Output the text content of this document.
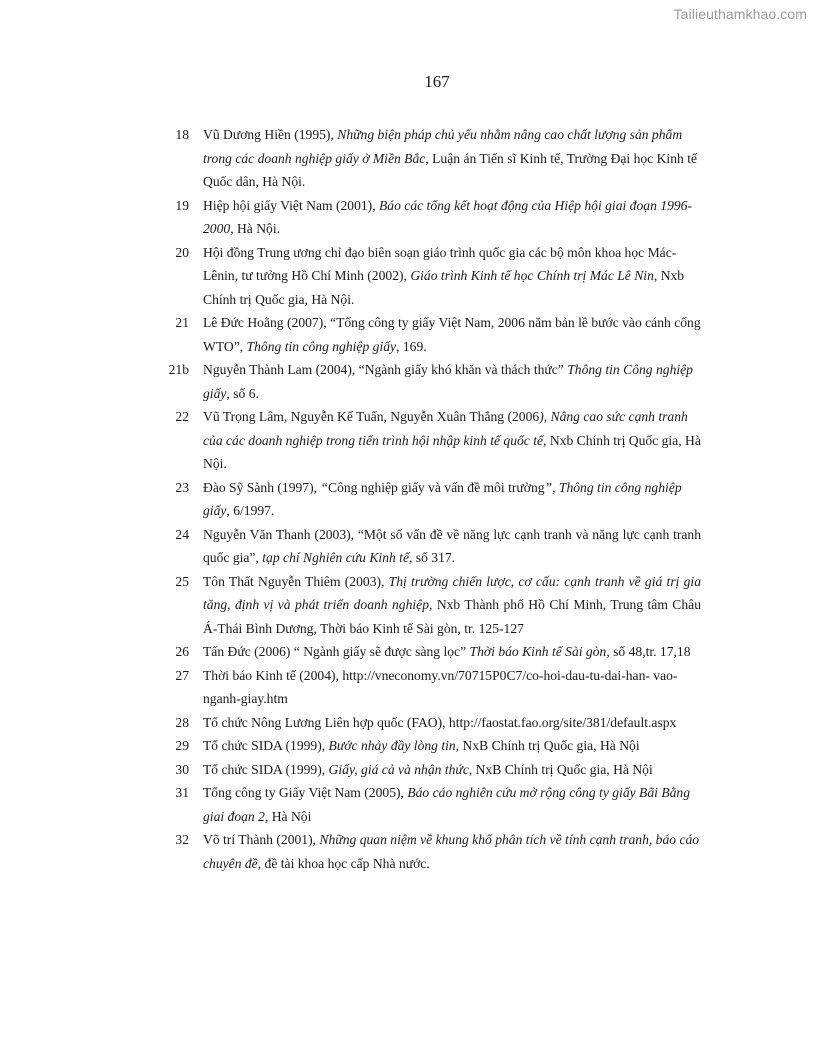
Tailieuthamkhao.com
167
18 Vũ Dương Hiền (1995), Những biện pháp chủ yếu nhằm nâng cao chất lượng sản phẩm trong các doanh nghiệp giấy ở Miền Bắc, Luận án Tiến sĩ Kinh tế, Trường Đại học Kinh tế Quốc dân, Hà Nội.
19 Hiệp hội giấy Việt Nam (2001), Báo các tổng kết hoạt động của Hiệp hội giai đoạn 1996-2000, Hà Nội.
20 Hội đồng Trung ương chỉ đạo biên soạn giáo trình quốc gia các bộ môn khoa học Mác-Lênin, tư tưởng Hồ Chí Minh (2002), Giáo trình Kinh tế học Chính trị Mác Lê Nin, Nxb Chính trị Quốc gia, Hà Nội.
21 Lê Đức Hoằng (2007), “Tổng công ty giấy Việt Nam, 2006 năm bản lề bước vào cánh cổng WTO”, Thông tin công nghiệp giấy, 169.
21b Nguyễn Thành Lam (2004), “Ngành giấy khó khăn và thách thức” Thông tin Công nghiệp giấy, số 6.
22 Vũ Trọng Lâm, Nguyễn Kế Tuấn, Nguyễn Xuân Thắng (2006), Nâng cao sức cạnh tranh của các doanh nghiệp trong tiến trình hội nhập kinh tế quốc tế, Nxb Chính trị Quốc gia, Hà Nội.
23 Đào Sỹ Sành (1997), “Công nghiệp giấy và vấn đề môi trường”, Thông tin công nghiệp giấy, 6/1997.
24 Nguyễn Văn Thanh (2003), “Một số vấn đề về năng lực cạnh tranh và năng lực cạnh tranh quốc gia”, tạp chí Nghiên cứu Kinh tế, số 317.
25 Tôn Thất Nguyễn Thiêm (2003), Thị trường chiến lược, cơ cấu: cạnh tranh về giá trị gia tăng, định vị và phát triển doanh nghiệp, Nxb Thành phố Hồ Chí Minh, Trung tâm Châu Á-Thái Bình Dương, Thời báo Kinh tế Sài gòn, tr. 125-127
26 Tấn Đức (2006) “ Ngành giấy sẽ được sàng lọc” Thời báo Kinh tế Sài gòn, số 48,tr. 17,18
27 Thời báo Kinh tế (2004), http://vneconomy.vn/70715P0C7/co-hoi-dau-tu-dai-han- vao-nganh-giay.htm
28 Tổ chức Nông Lương Liên hợp quốc (FAO), http://faostat.fao.org/site/381/default.aspx
29 Tổ chức SIDA (1999), Bước nhảy đầy lòng tin, NxB Chính trị Quốc gia, Hà Nội
30 Tổ chức SIDA (1999), Giấy, giá cả và nhận thức, NxB Chính trị Quốc gia, Hà Nội
31 Tổng công ty Giấy Việt Nam (2005), Báo cáo nghiên cứu mở rộng công ty giấy Bãi Bằng giai đoạn 2, Hà Nội
32 Võ trí Thành (2001), Những quan niệm về khung khổ phân tích về tính cạnh tranh, báo cáo chuyên đề, đề tài khoa học cấp Nhà nước.
